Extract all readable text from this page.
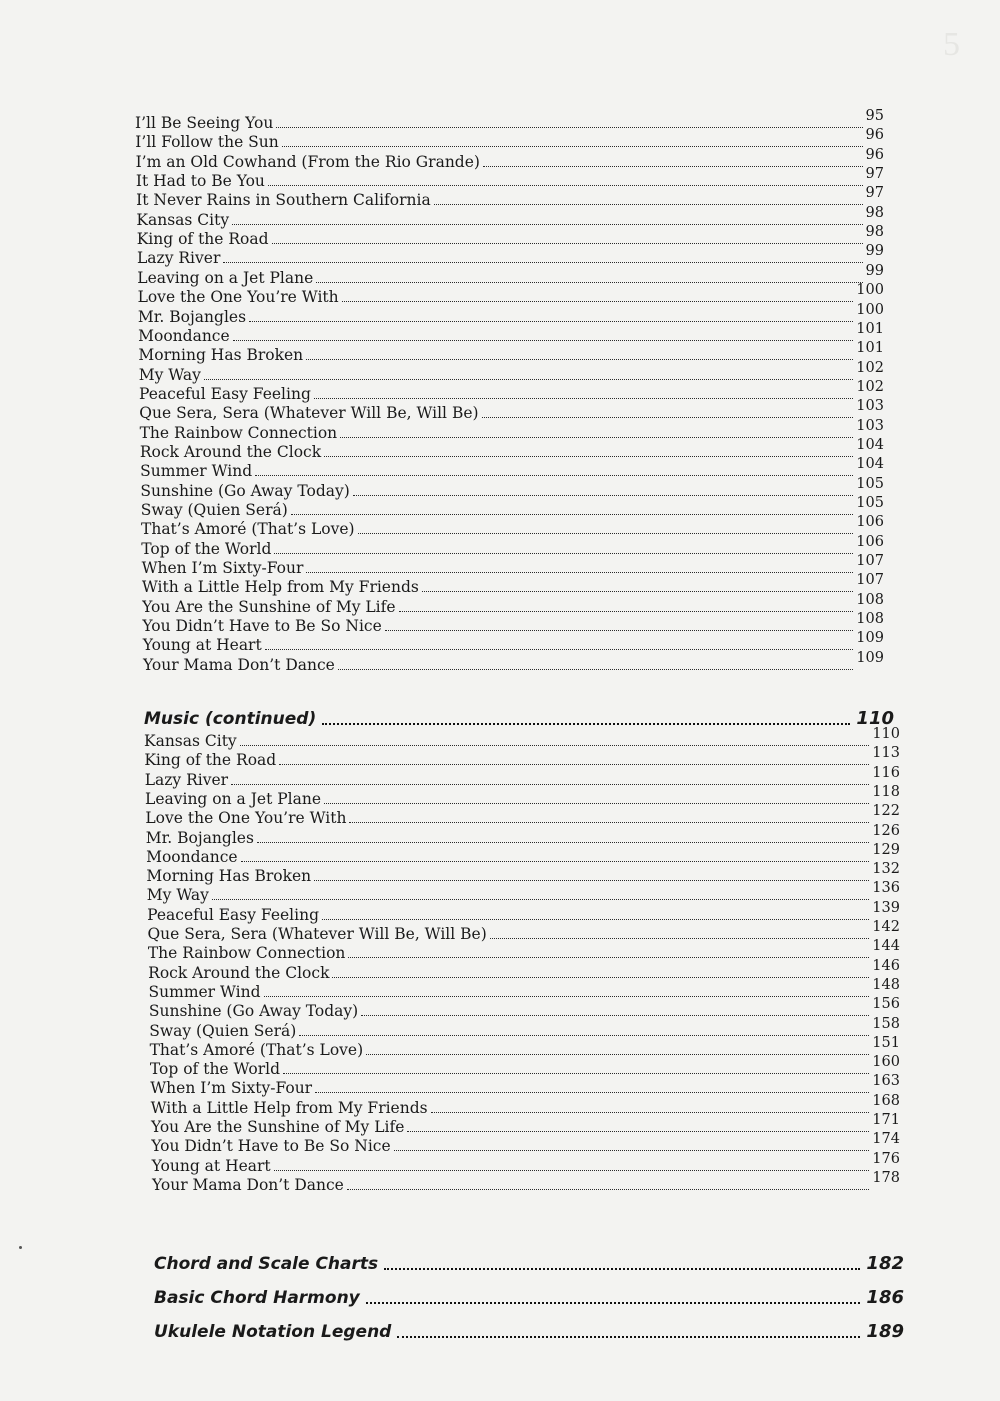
5
I’ll Be Seeing You	95
I’ll Follow the Sun	96
I’m an Old Cowhand (From the Rio Grande)	96
It Had to Be You	97
It Never Rains in Southern California	97
Kansas City	98
King of the Road	98
Lazy River	99
Leaving on a Jet Plane	99
Love the One You’re With	100
Mr. Bojangles	100
Moondance	101
Morning Has Broken	101
My Way	102
Peaceful Easy Feeling	102
Que Sera, Sera (Whatever Will Be, Will Be)	103
The Rainbow Connection	103
Rock Around the Clock	104
Summer Wind	104
Sunshine (Go Away Today)	105
Sway (Quien Será)	105
That’s Amoré (That’s Love)	106
Top of the World	106
When I’m Sixty-Four	107
With a Little Help from My Friends	107
You Are the Sunshine of My Life	108
You Didn’t Have to Be So Nice	108
Young at Heart	109
Your Mama Don’t Dance	109
Music (continued)	110
Kansas City	110
King of the Road	113
Lazy River	116
Leaving on a Jet Plane	118
Love the One You’re With	122
Mr. Bojangles	126
Moondance	129
Morning Has Broken	132
My Way	136
Peaceful Easy Feeling	139
Que Sera, Sera (Whatever Will Be, Will Be)	142
The Rainbow Connection	144
Rock Around the Clock	146
Summer Wind	148
Sunshine (Go Away Today)	156
Sway (Quien Será)	158
That’s Amoré (That’s Love)	151
Top of the World	160
When I’m Sixty-Four	163
With a Little Help from My Friends	168
You Are the Sunshine of My Life	171
You Didn’t Have to Be So Nice	174
Young at Heart	176
Your Mama Don’t Dance	178
Chord and Scale Charts	182
Basic Chord Harmony	186
Ukulele Notation Legend	189
